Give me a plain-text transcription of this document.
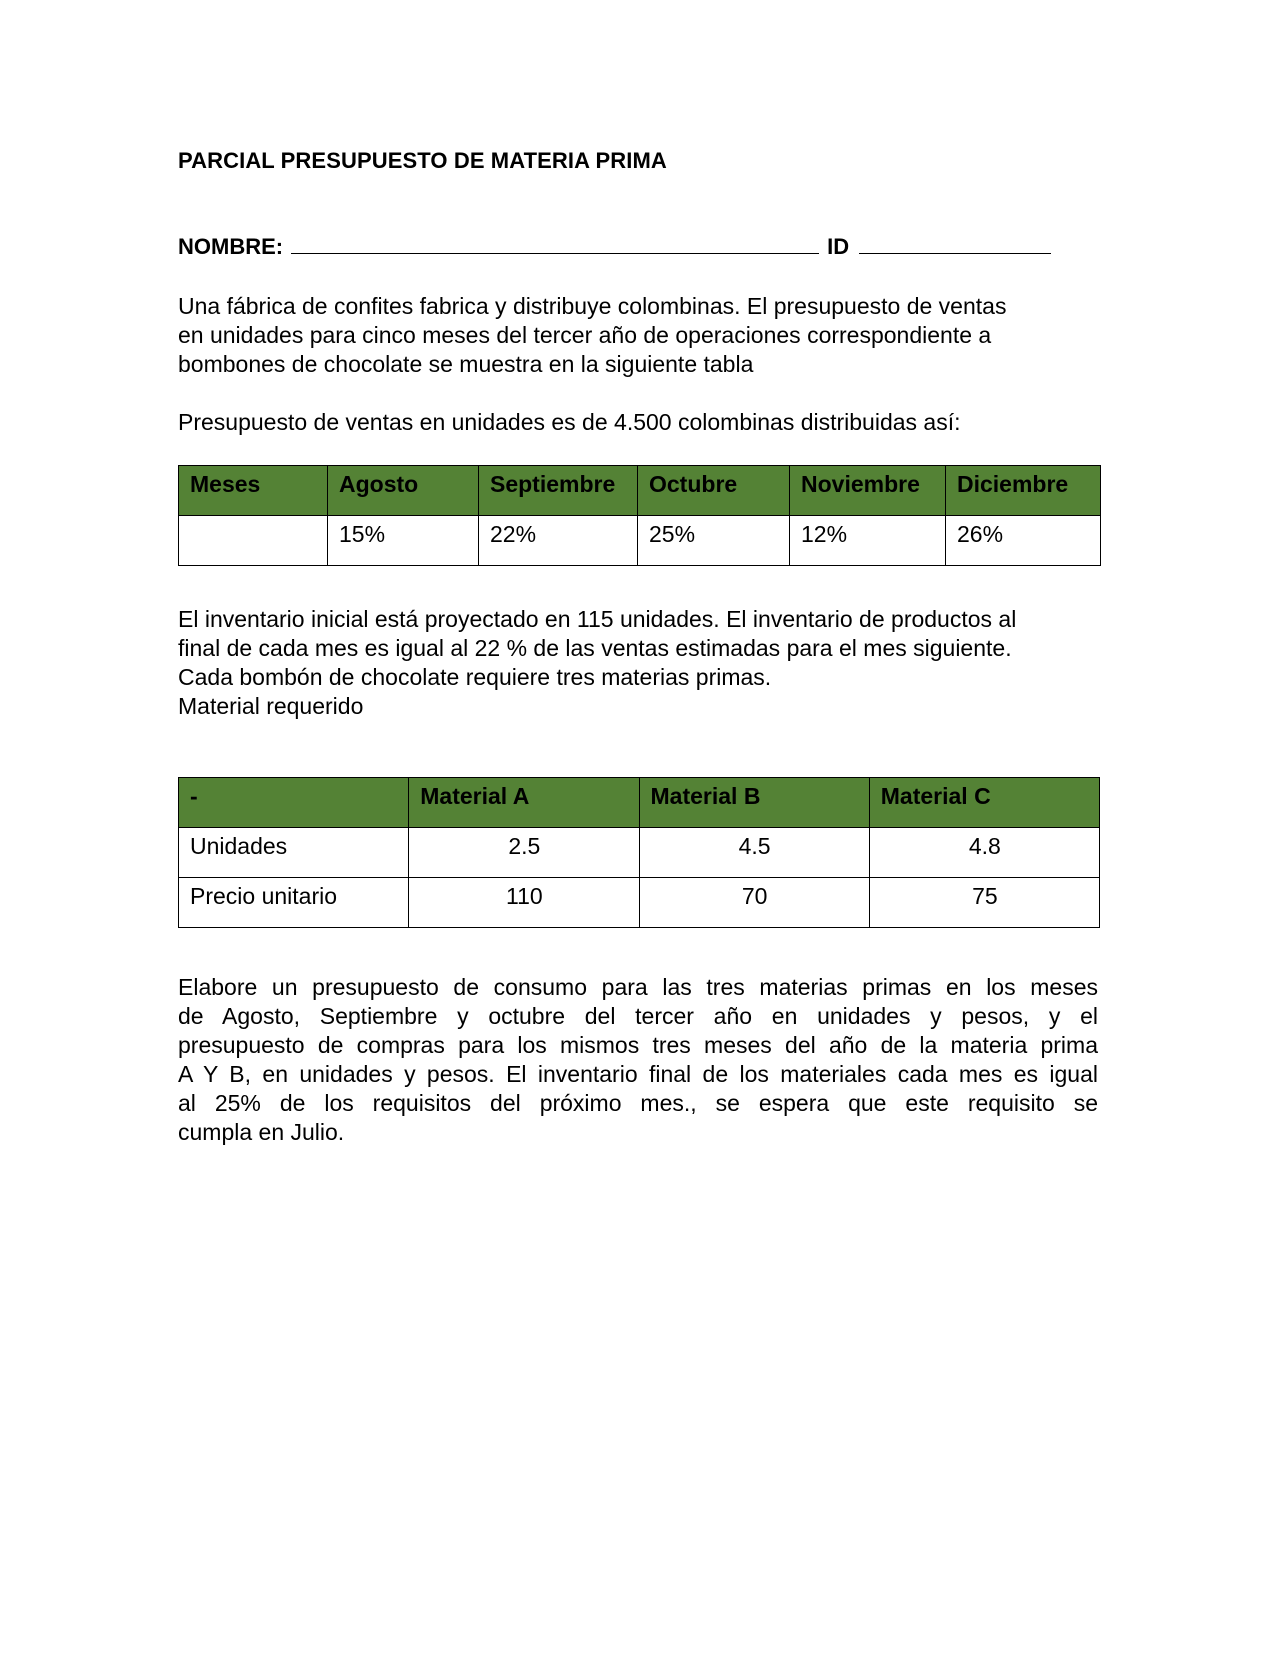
PARCIAL PRESUPUESTO DE MATERIA PRIMA
NOMBRE:	ID
Una fábrica de confites fabrica y distribuye colombinas. El presupuesto de ventas
en unidades para cinco meses del tercer año de operaciones correspondiente a
bombones de chocolate se muestra en la siguiente tabla
Presupuesto de ventas en unidades es de 4.500 colombinas distribuidas así:
Meses	Agosto	Septiembre	Octubre	Noviembre	Diciembre
	15%	22%	25%	12%	26%
El inventario inicial está proyectado en 115 unidades. El inventario de productos al
final de cada mes es igual al 22 % de las ventas estimadas para el mes siguiente.
Cada bombón de chocolate requiere tres materias primas.
Material requerido
-	Material A	Material B	Material C
Unidades	2.5	4.5	4.8
Precio unitario	110	70	75
Elabore un presupuesto de consumo para las tres materias primas en los meses
de Agosto, Septiembre y octubre del tercer año en unidades y pesos, y el
presupuesto de compras para los mismos tres meses del año de la materia prima
A Y B, en unidades y pesos. El inventario final de los materiales cada mes es igual
al 25% de los requisitos del próximo mes., se espera que este requisito se
cumpla en Julio.
